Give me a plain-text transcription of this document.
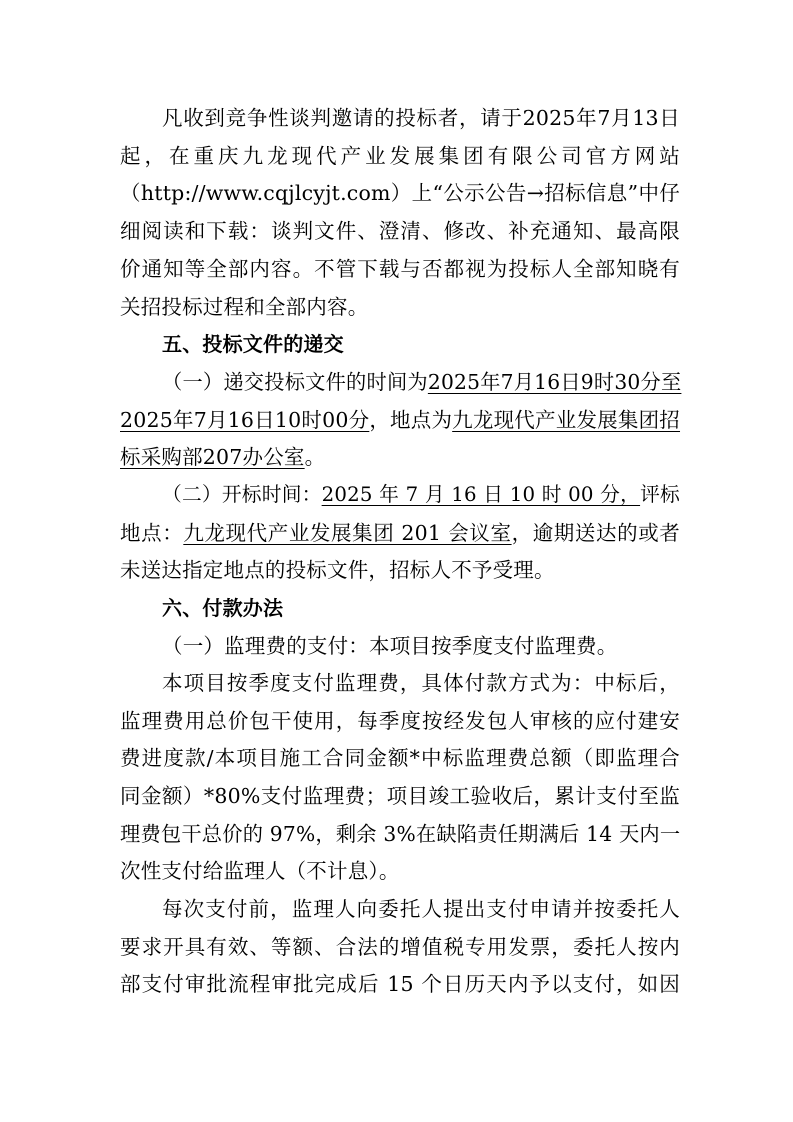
凡收到竞争性谈判邀请的投标者，请于2025年7月13日
起，在重庆九龙现代产业发展集团有限公司官方网站
（http://www.cqjlcyjt.com）上“公示公告→招标信息”中仔
细阅读和下载：谈判文件、澄清、修改、补充通知、最高限
价通知等全部内容。不管下载与否都视为投标人全部知晓有
关招投标过程和全部内容。
五、投标文件的递交
（一）递交投标文件的时间为2025年7月16日9时30分至
2025年7月16日10时00分，地点为九龙现代产业发展集团招
标采购部207办公室。
（二）开标时间：2025 年 7 月 16 日 10 时 00 分，评标
地点：九龙现代产业发展集团 201 会议室，逾期送达的或者
未送达指定地点的投标文件，招标人不予受理。
六、付款办法
（一）监理费的支付：本项目按季度支付监理费。
本项目按季度支付监理费，具体付款方式为：中标后，
监理费用总价包干使用，每季度按经发包人审核的应付建安
费进度款/本项目施工合同金额*中标监理费总额（即监理合
同金额）*80%支付监理费；项目竣工验收后，累计支付至监
理费包干总价的 97%，剩余 3%在缺陷责任期满后 14 天内一
次性支付给监理人（不计息）。
每次支付前，监理人向委托人提出支付申请并按委托人
要求开具有效、等额、合法的增值税专用发票，委托人按内
部支付审批流程审批完成后 15 个日历天内予以支付，如因
